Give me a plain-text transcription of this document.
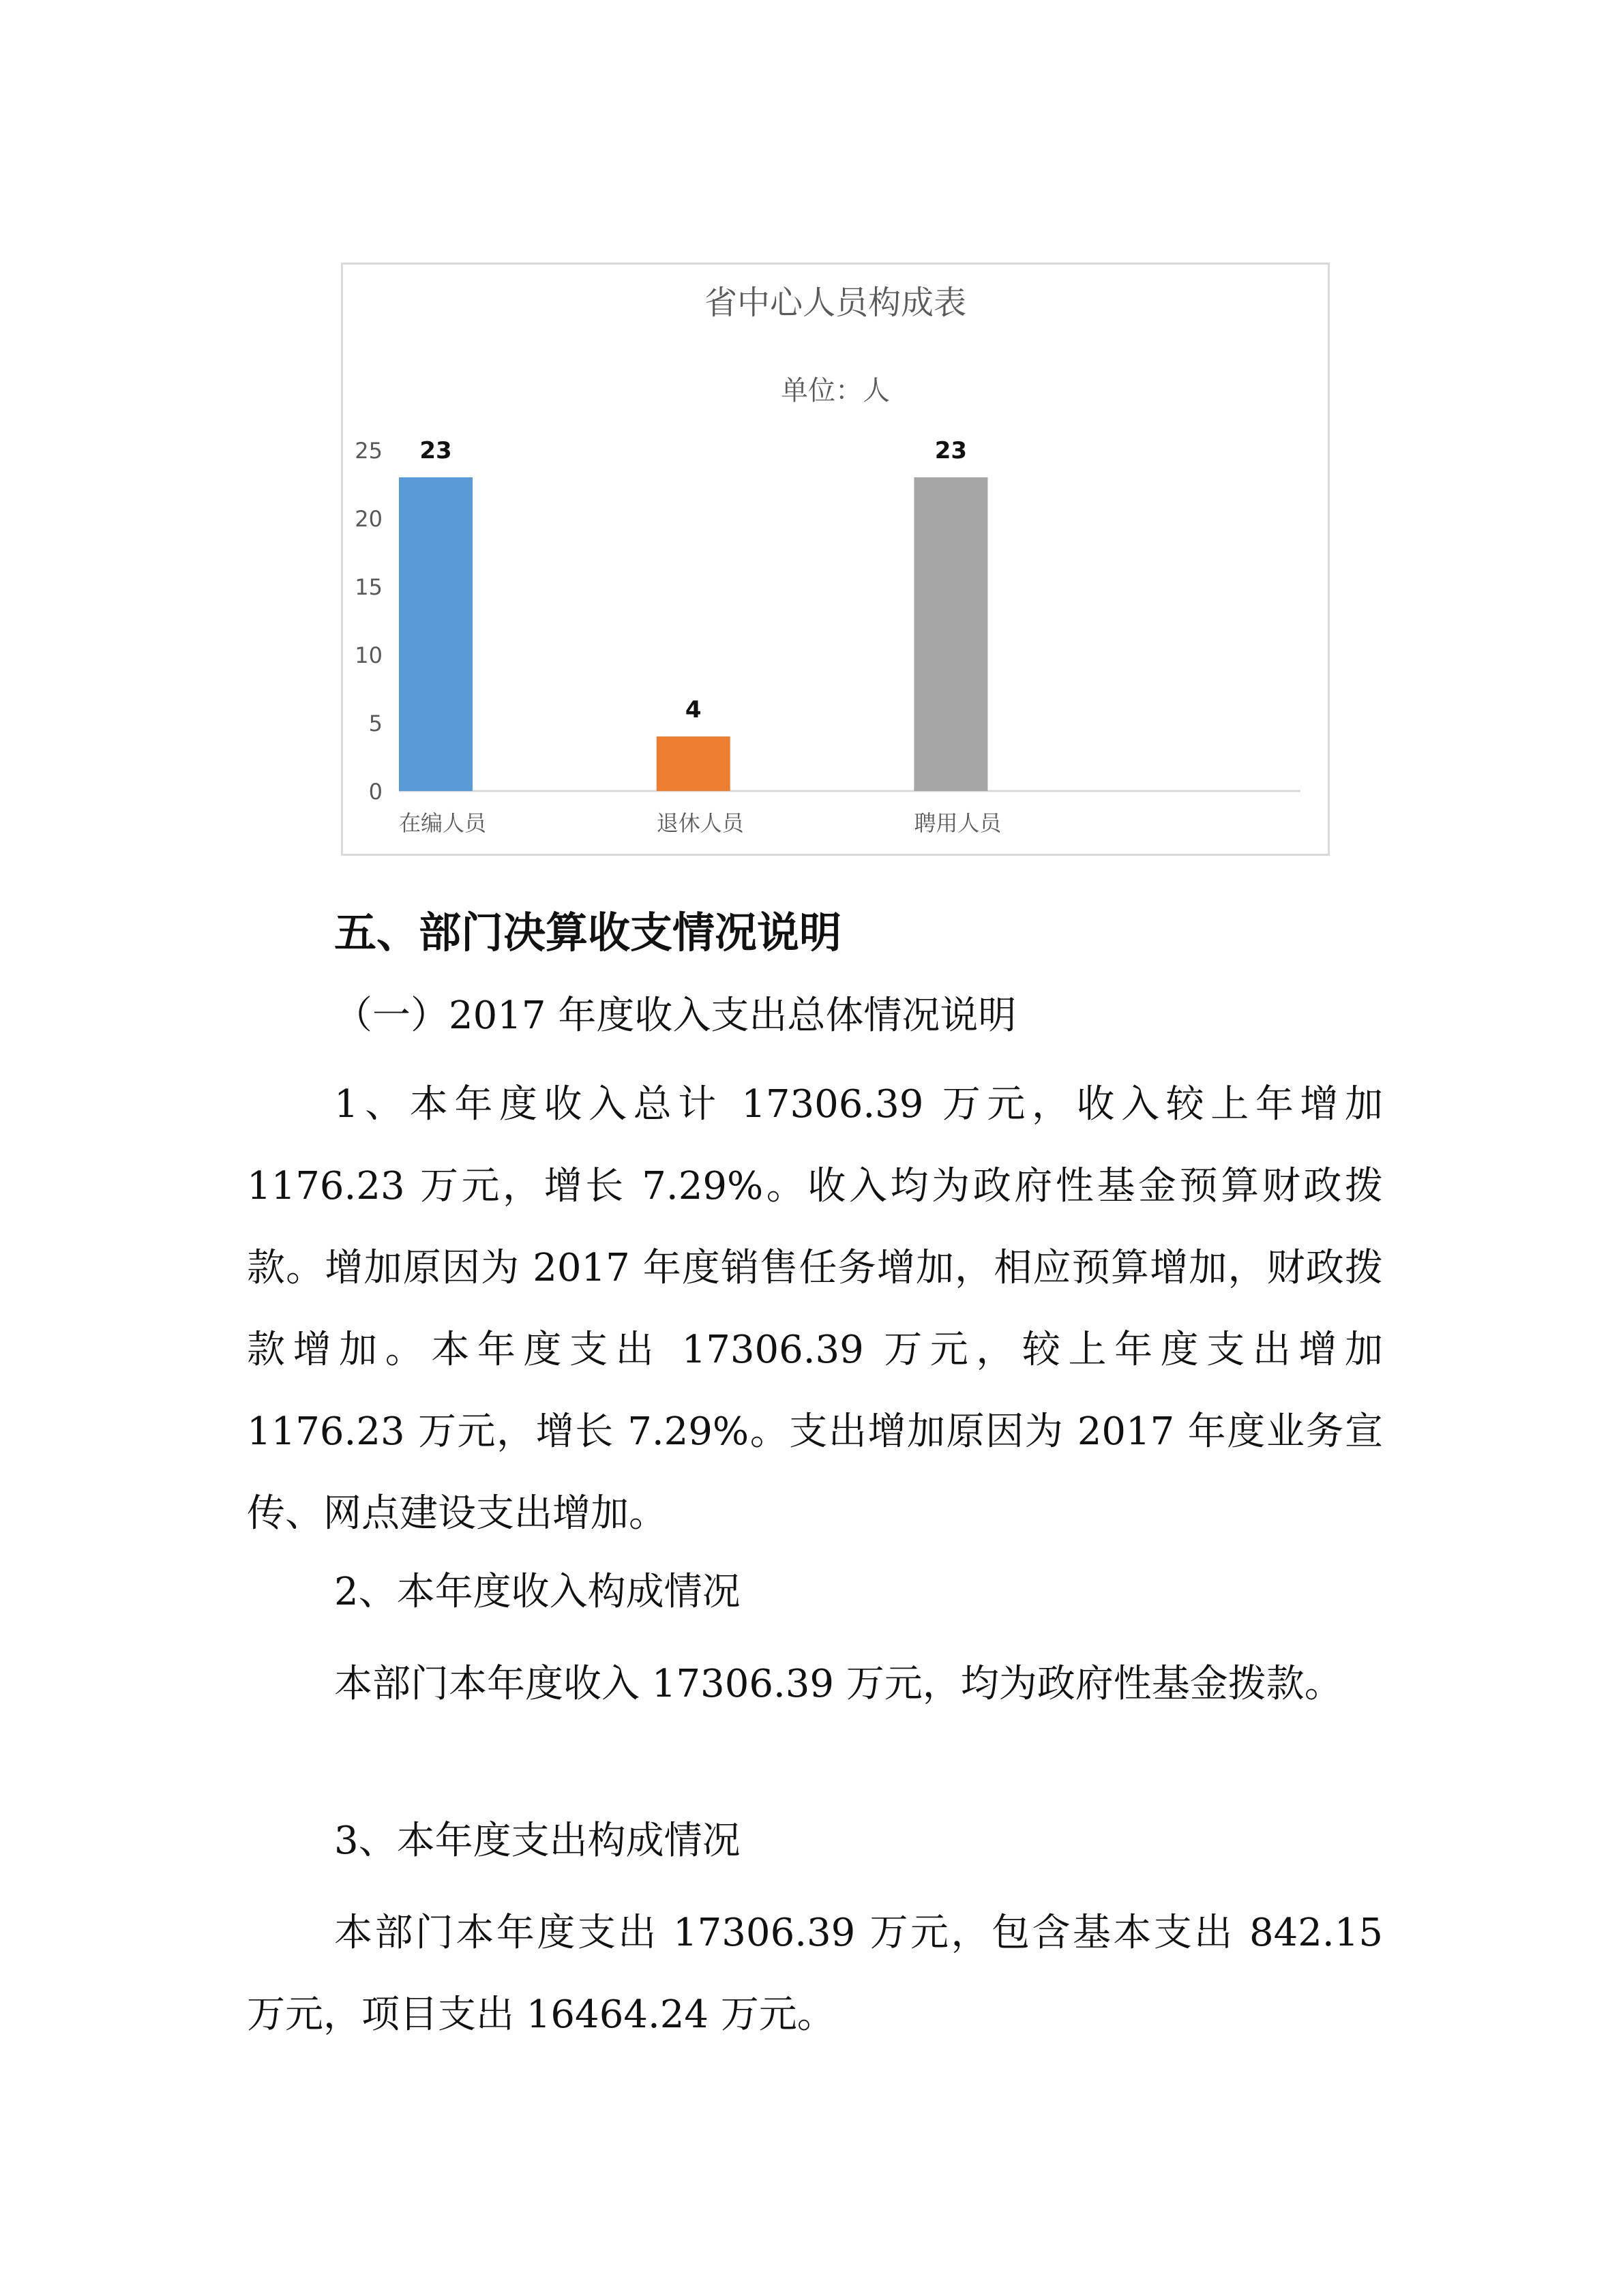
省中心人员构成表
单位：人
0
5
10
15
20
25 23
4
23
在编人员	退休人员	聘用人员
五、部门决算收支情况说明

（一）2017 年度收入支出总体情况说明

1、本年度收入总计 17306.39 万元，收入较上年增加 1176.23 万元，增长 7.29%。收入均为政府性基金预算财政拨款。增加原因为 2017 年度销售任务增加，相应预算增加，财政拨款增加。本年度支出 17306.39 万元，较上年度支出增加 1176.23 万元，增长 7.29%。支出增加原因为 2017 年度业务宣传、网点建设支出增加。

2、本年度收入构成情况

本部门本年度收入 17306.39 万元，均为政府性基金拨款。

3、本年度支出构成情况

本部门本年度支出 17306.39 万元，包含基本支出 842.15 万元，项目支出 16464.24 万元。
